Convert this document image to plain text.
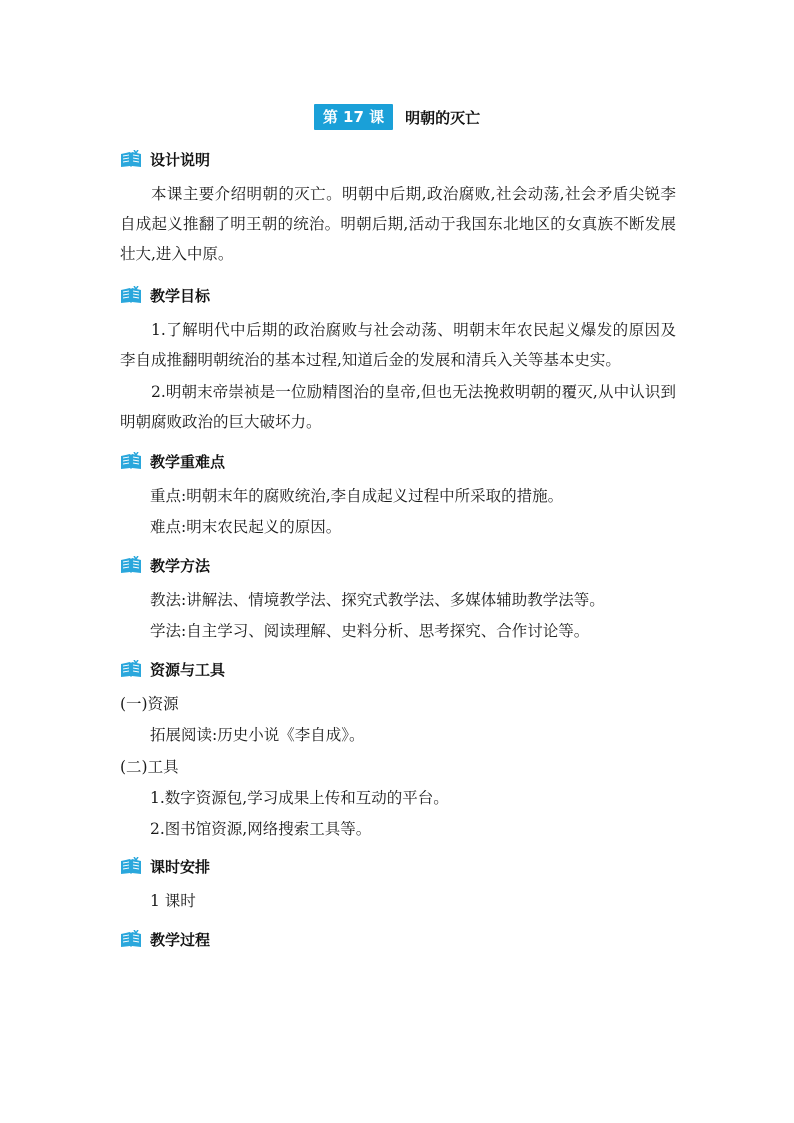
第 17 课	明朝的灭亡
设计说明
本课主要介绍明朝的灭亡。明朝中后期,政治腐败,社会动荡,社会矛盾尖锐李自成起义推翻了明王朝的统治。明朝后期,活动于我国东北地区的女真族不断发展壮大,进入中原。
教学目标
1.了解明代中后期的政治腐败与社会动荡、明朝末年农民起义爆发的原因及李自成推翻明朝统治的基本过程,知道后金的发展和清兵入关等基本史实。
2.明朝末帝崇祯是一位励精图治的皇帝,但也无法挽救明朝的覆灭,从中认识到明朝腐败政治的巨大破坏力。
教学重难点
重点:明朝末年的腐败统治,李自成起义过程中所采取的措施。
难点:明末农民起义的原因。
教学方法
教法:讲解法、情境教学法、探究式教学法、多媒体辅助教学法等。
学法:自主学习、阅读理解、史料分析、思考探究、合作讨论等。
资源与工具
(一)资源
拓展阅读:历史小说《李自成》。
(二)工具
1.数字资源包,学习成果上传和互动的平台。
2.图书馆资源,网络搜索工具等。
课时安排
1 课时
教学过程
